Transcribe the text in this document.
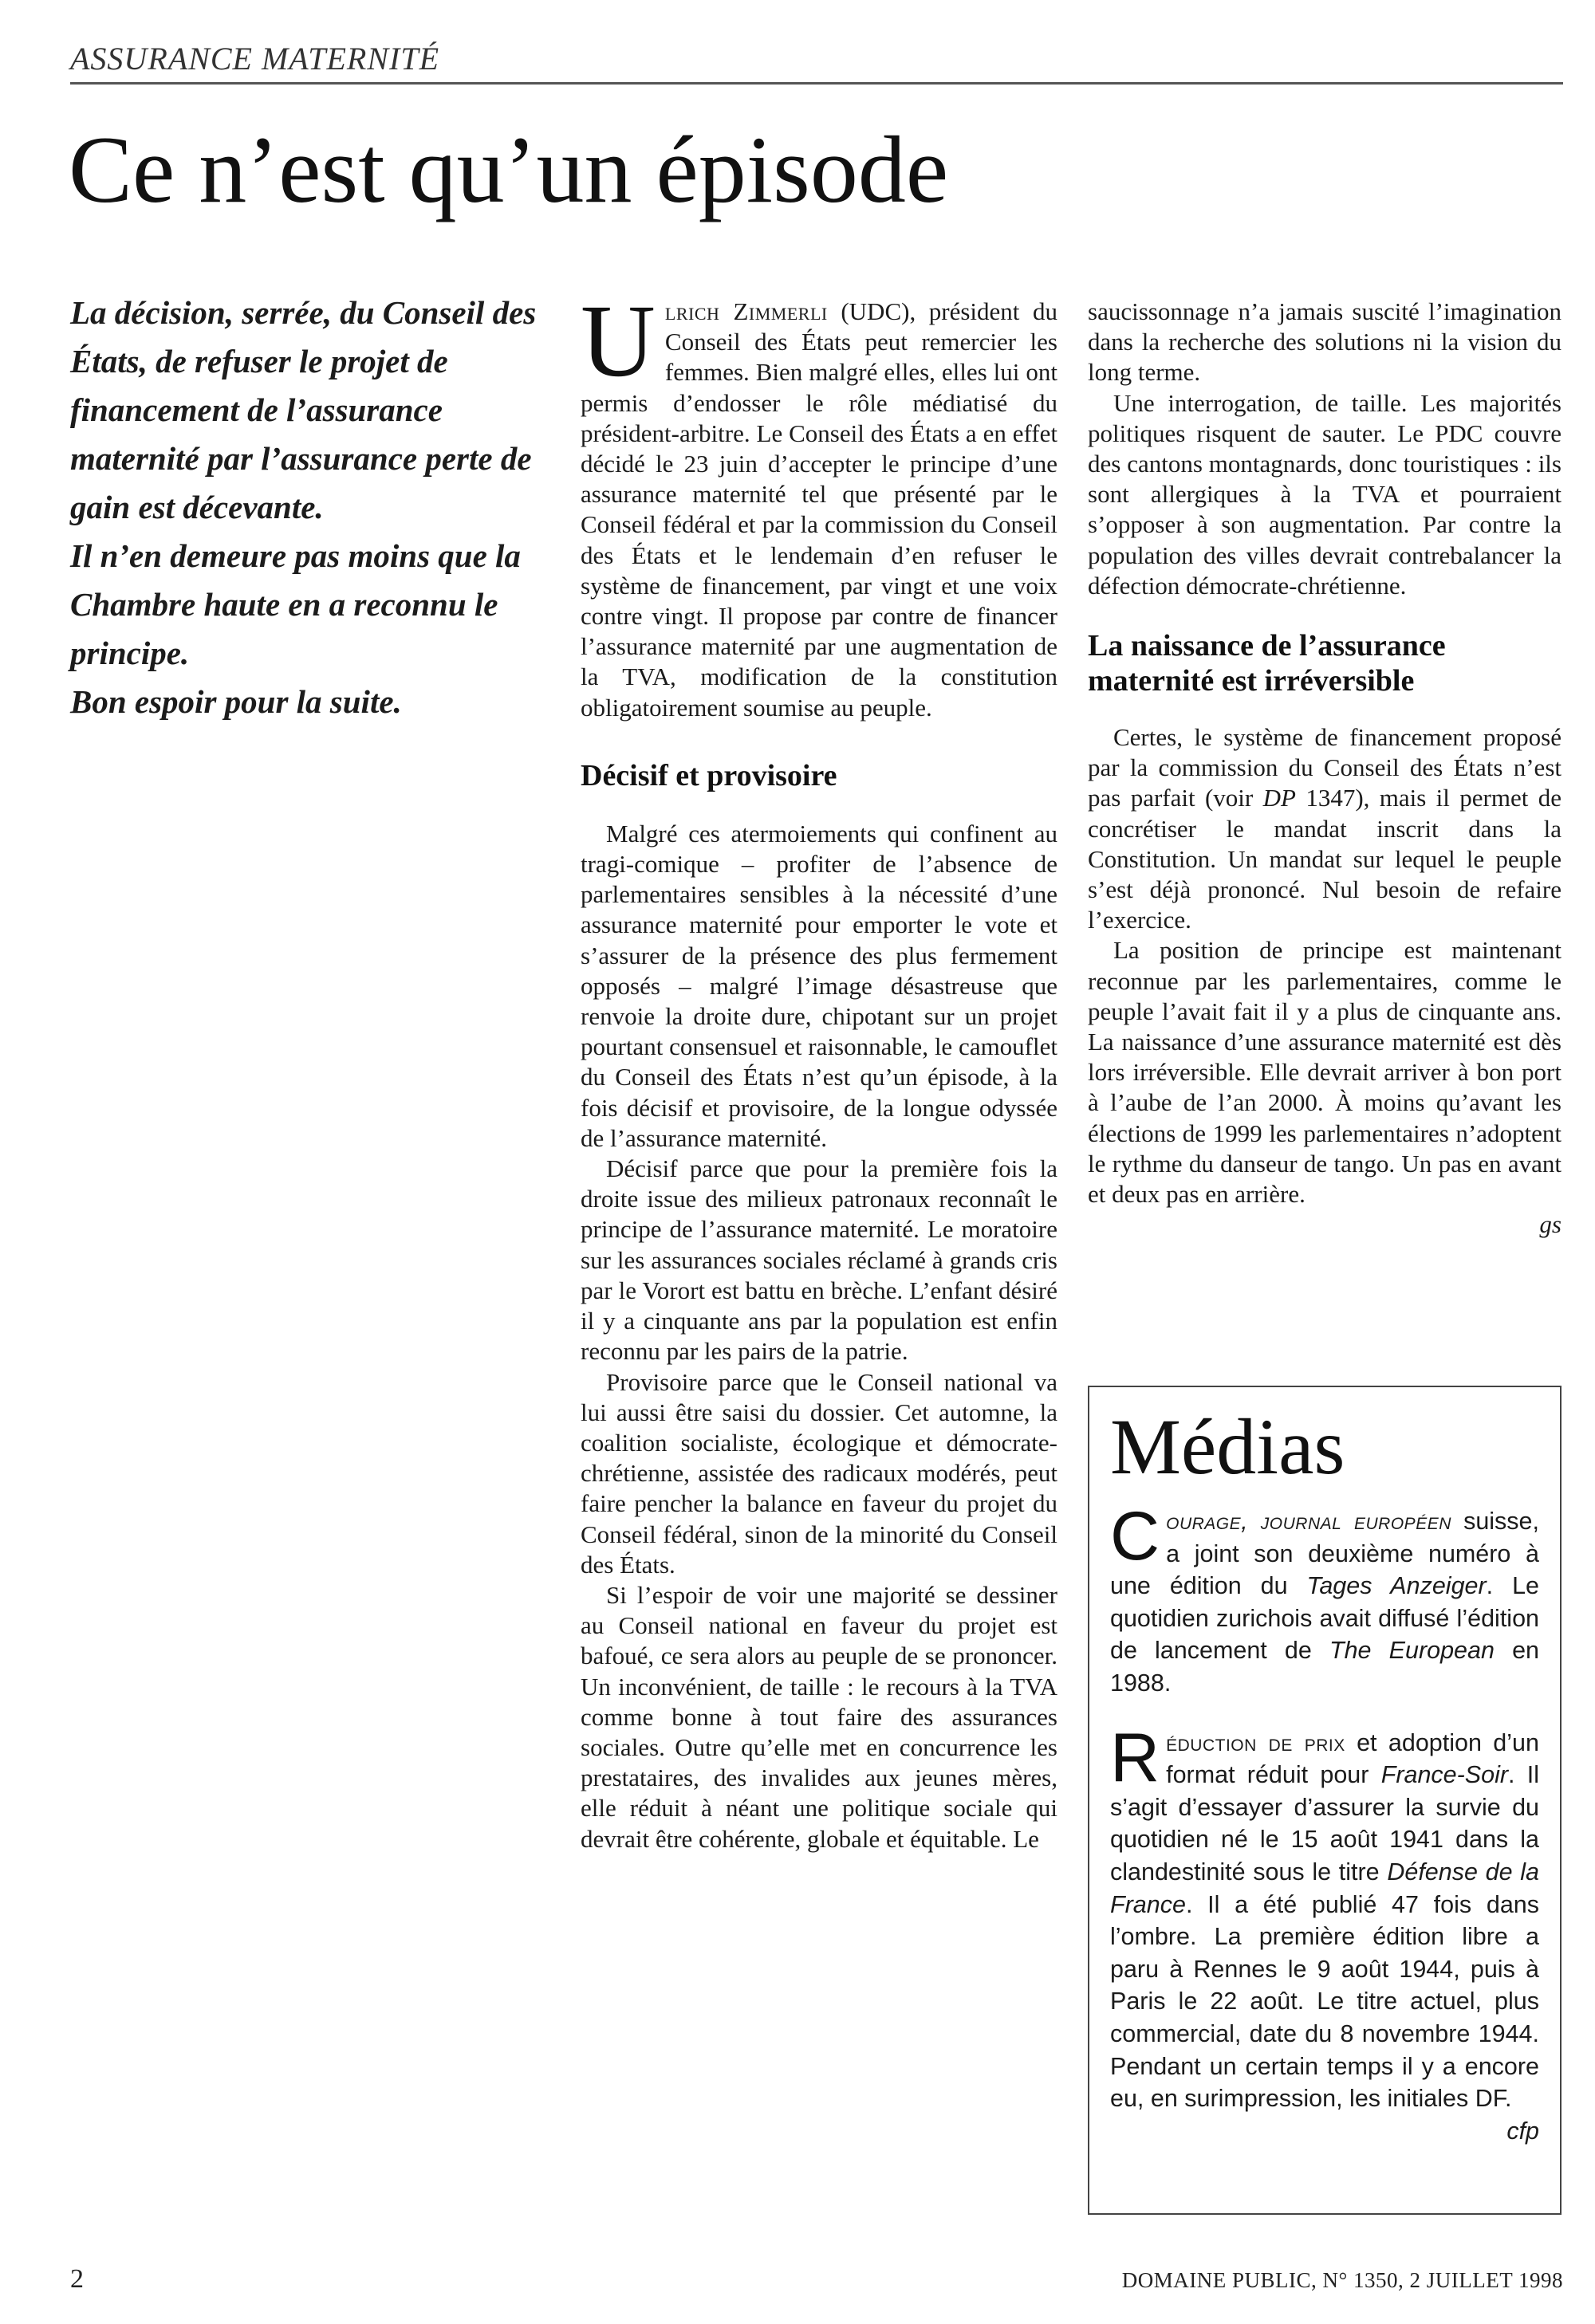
ASSURANCE MATERNITÉ
Ce n’est qu’un épisode

La décision, serrée, du Conseil des États, de refuser le projet de financement de l’assurance maternité par l’assurance perte de gain est décevante.

Il n’en demeure pas moins que la Chambre haute en a reconnu le principe.

Bon espoir pour la suite.

Ulrich Zimmerli (UDC), président du Conseil des États peut remercier les femmes. Bien malgré elles, elles lui ont permis d’endosser le rôle médiatisé du président-arbitre. Le Conseil des États a en effet décidé le 23 juin d’accepter le principe d’une assurance maternité tel que présenté par le Conseil fédéral et par la commission du Conseil des États et le lendemain d’en refuser le système de financement, par vingt et une voix contre vingt. Il propose par contre de financer l’assurance maternité par une augmentation de la TVA, modification de la constitution obligatoirement soumise au peuple.

Décisif et provisoire

Malgré ces atermoiements qui confinent au tragi-comique – profiter de l’absence de parlementaires sensibles à la nécessité d’une assurance maternité pour emporter le vote et s’assurer de la présence des plus fermement opposés – malgré l’image désastreuse que renvoie la droite dure, chipotant sur un projet pourtant consensuel et raisonnable, le camouflet du Conseil des États n’est qu’un épisode, à la fois décisif et provisoire, de la longue odyssée de l’assurance maternité.

Décisif parce que pour la première fois la droite issue des milieux patronaux reconnaît le principe de l’assurance maternité. Le moratoire sur les assurances sociales réclamé à grands cris par le Vorort est battu en brèche. L’enfant désiré il y a cinquante ans par la population est enfin reconnu par les pairs de la patrie.

Provisoire parce que le Conseil national va lui aussi être saisi du dossier. Cet automne, la coalition socialiste, écologique et démocrate-chrétienne, assistée des radicaux modérés, peut faire pencher la balance en faveur du projet du Conseil fédéral, sinon de la minorité du Conseil des États.

Si l’espoir de voir une majorité se dessiner au Conseil national en faveur du projet est bafoué, ce sera alors au peuple de se prononcer. Un inconvénient, de taille : le recours à la TVA comme bonne à tout faire des assurances sociales. Outre qu’elle met en concurrence les prestataires, des invalides aux jeunes mères, elle réduit à néant une politique sociale qui devrait être cohérente, globale et équitable. Le

saucissonnage n’a jamais suscité l’imagination dans la recherche des solutions ni la vision du long terme.

Une interrogation, de taille. Les majorités politiques risquent de sauter. Le PDC couvre des cantons montagnards, donc touristiques : ils sont allergiques à la TVA et pourraient s’opposer à son augmentation. Par contre la population des villes devrait contrebalancer la défection démocrate-chrétienne.

La naissance de l’assurance maternité est irréversible

Certes, le système de financement proposé par la commission du Conseil des États n’est pas parfait (voir DP 1347), mais il permet de concrétiser le mandat inscrit dans la Constitution. Un mandat sur lequel le peuple s’est déjà prononcé. Nul besoin de refaire l’exercice.

La position de principe est maintenant reconnue par les parlementaires, comme le peuple l’avait fait il y a plus de cinquante ans. La naissance d’une assurance maternité est dès lors irréversible. Elle devrait arriver à bon port à l’aube de l’an 2000. À moins qu’avant les élections de 1999 les parlementaires n’adoptent le rythme du danseur de tango. Un pas en avant et deux pas en arrière.

gs

Médias

Courage, journal européen suisse, a joint son deuxième numéro à une édition du Tages Anzeiger. Le quotidien zurichois avait diffusé l’édition de lancement de The European en 1988.

Réduction de prix et adoption d’un format réduit pour France-Soir. Il s’agit d’essayer d’assurer la survie du quotidien né le 15 août 1941 dans la clandestinité sous le titre Défense de la France. Il a été publié 47 fois dans l’ombre. La première édition libre a paru à Rennes le 9 août 1944, puis à Paris le 22 août. Le titre actuel, plus commercial, date du 8 novembre 1944. Pendant un certain temps il y a encore eu, en surimpression, les initiales DF.

cfp

2	DOMAINE PUBLIC, N° 1350, 2 JUILLET 1998
